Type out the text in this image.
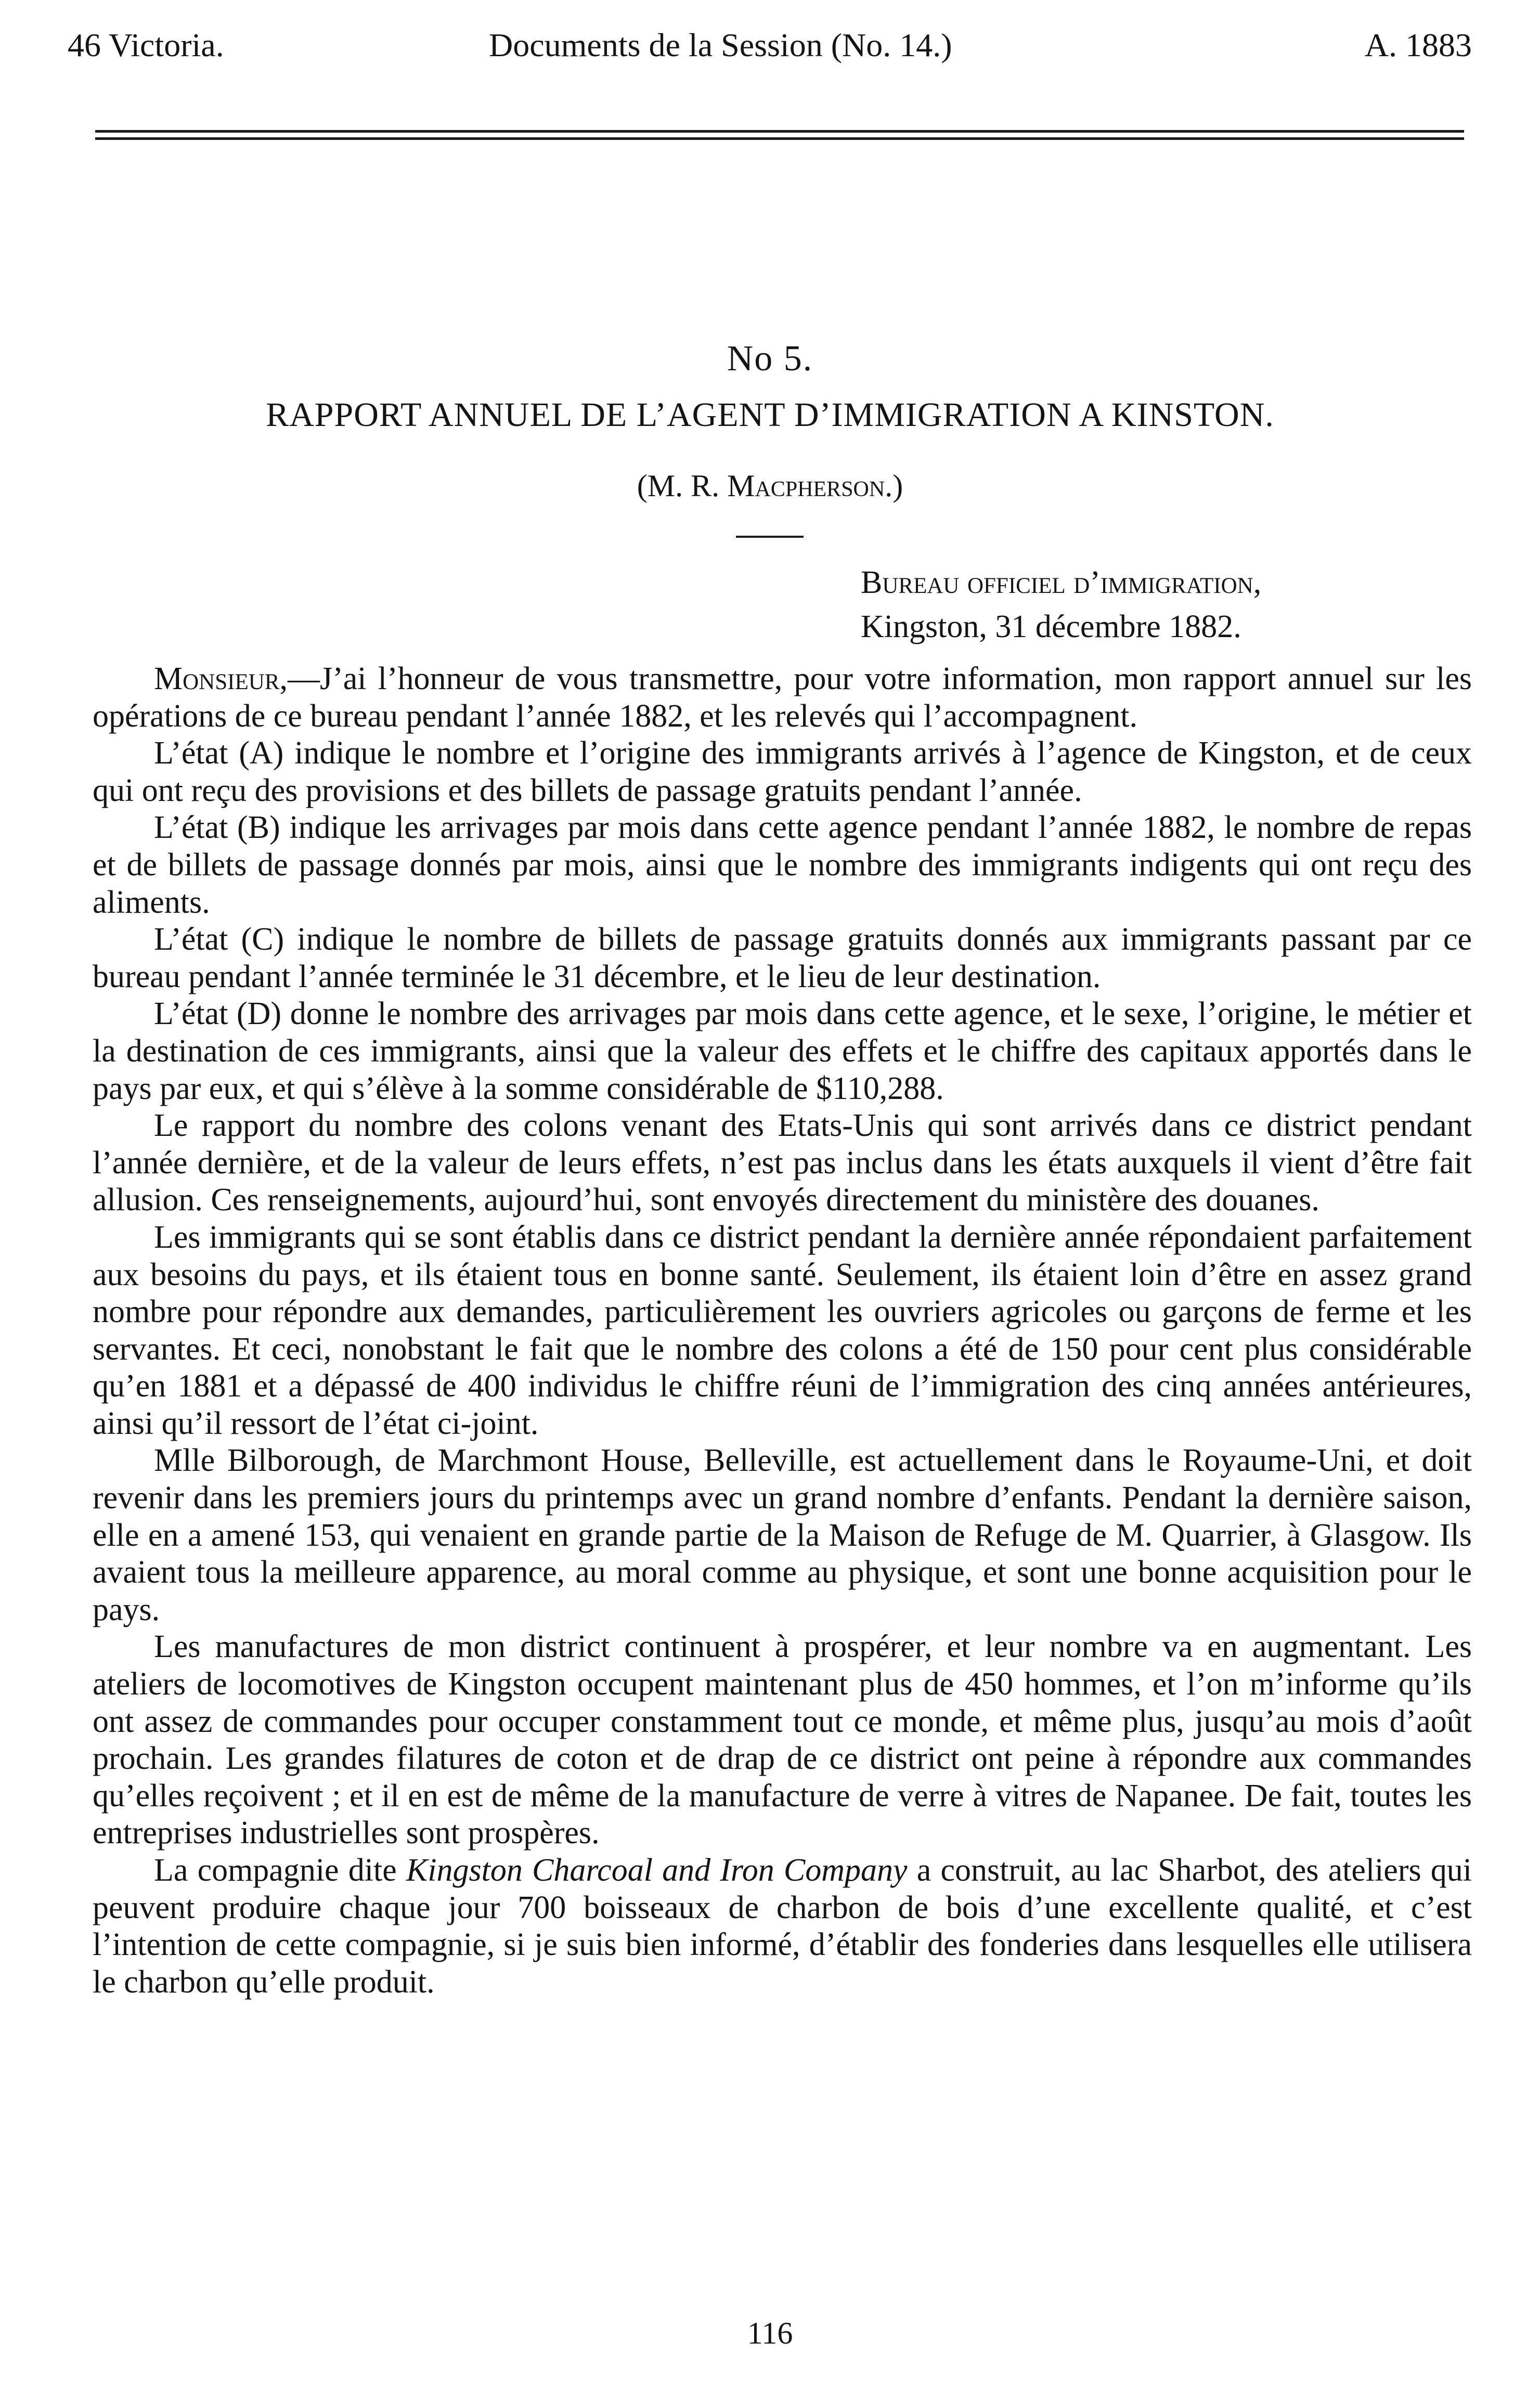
46 Victoria.	Documents de la Session (No. 14.)	A. 1883
No 5.
RAPPORT ANNUEL DE L’AGENT D’IMMIGRATION A KINSTON.
(M. R. Macpherson.)
Bureau officiel d’immigration,
Kingston, 31 décembre 1882.

Monsieur,—J’ai l’honneur de vous transmettre, pour votre information, mon rapport annuel sur les opérations de ce bureau pendant l’année 1882, et les relevés qui l’accompagnent.

L’état (A) indique le nombre et l’origine des immigrants arrivés à l’agence de Kingston, et de ceux qui ont reçu des provisions et des billets de passage gratuits pendant l’année.

L’état (B) indique les arrivages par mois dans cette agence pendant l’année 1882, le nombre de repas et de billets de passage donnés par mois, ainsi que le nombre des immigrants indigents qui ont reçu des aliments.

L’état (C) indique le nombre de billets de passage gratuits donnés aux immigrants passant par ce bureau pendant l’année terminée le 31 décembre, et le lieu de leur destination.

L’état (D) donne le nombre des arrivages par mois dans cette agence, et le sexe, l’origine, le métier et la destination de ces immigrants, ainsi que la valeur des effets et le chiffre des capitaux apportés dans le pays par eux, et qui s’élève à la somme considérable de $110,288.

Le rapport du nombre des colons venant des Etats-Unis qui sont arrivés dans ce district pendant l’année dernière, et de la valeur de leurs effets, n’est pas inclus dans les états auxquels il vient d’être fait allusion. Ces renseignements, aujourd’hui, sont envoyés directement du ministère des douanes.

Les immigrants qui se sont établis dans ce district pendant la dernière année répondaient parfaitement aux besoins du pays, et ils étaient tous en bonne santé. Seulement, ils étaient loin d’être en assez grand nombre pour répondre aux demandes, particulièrement les ouvriers agricoles ou garçons de ferme et les servantes. Et ceci, nonobstant le fait que le nombre des colons a été de 150 pour cent plus considérable qu’en 1881 et a dépassé de 400 individus le chiffre réuni de l’immigration des cinq années antérieures, ainsi qu’il ressort de l’état ci-joint.

Mlle Bilborough, de Marchmont House, Belleville, est actuellement dans le Royaume-Uni, et doit revenir dans les premiers jours du printemps avec un grand nombre d’enfants. Pendant la dernière saison, elle en a amené 153, qui venaient en grande partie de la Maison de Refuge de M. Quarrier, à Glasgow. Ils avaient tous la meilleure apparence, au moral comme au physique, et sont une bonne acquisition pour le pays.

Les manufactures de mon district continuent à prospérer, et leur nombre va en augmentant. Les ateliers de locomotives de Kingston occupent maintenant plus de 450 hommes, et l’on m’informe qu’ils ont assez de commandes pour occuper constamment tout ce monde, et même plus, jusqu’au mois d’août prochain. Les grandes filatures de coton et de drap de ce district ont peine à répondre aux commandes qu’elles reçoivent ; et il en est de même de la manufacture de verre à vitres de Napanee. De fait, toutes les entreprises industrielles sont prospères.

La compagnie dite Kingston Charcoal and Iron Company a construit, au lac Sharbot, des ateliers qui peuvent produire chaque jour 700 boisseaux de charbon de bois d’une excellente qualité, et c’est l’intention de cette compagnie, si je suis bien informé, d’établir des fonderies dans lesquelles elle utilisera le charbon qu’elle produit.

116
